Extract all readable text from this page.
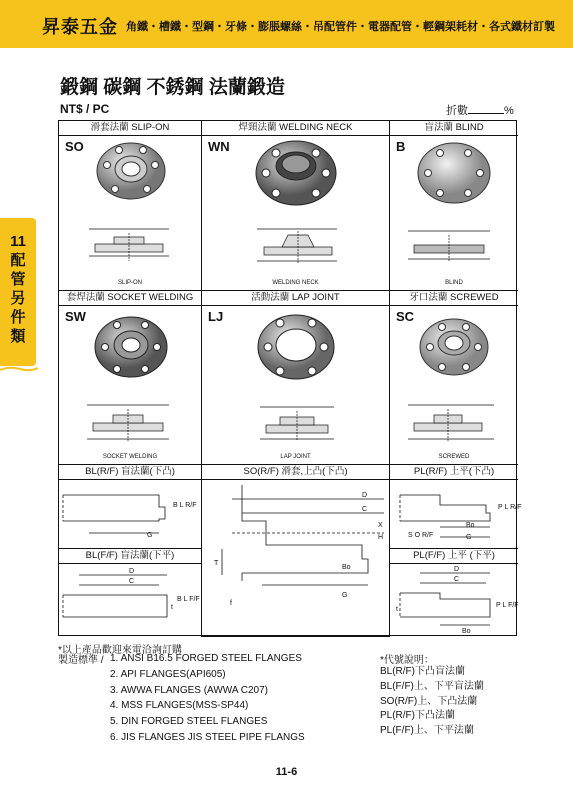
昇泰五金 角鐵・槽鐵・型鋼・牙條・膨脹螺絲・吊配管件・電器配管・輕鋼架耗材・各式鐵材訂製
11
配
管
另
件
類
鍛鋼 碳鋼 不銹鋼 法蘭鍛造
NT$ / PC	折數	%
滑套法蘭 SLIP-ON
SO
SLIP-ON
焊頸法蘭 WELDING NECK
WN
WELDING NECK
盲法蘭 BLIND
B
BLIND
套焊法蘭 SOCKET WELDING
SW
SOCKET WELDING
活動法蘭 LAP JOINT
LJ
LAP JOINT
牙口法蘭 SCREWED
SC
SCREWED
BL(R/F) 盲法蘭(下凸)
G
B L R/F
SO(R/F) 滑套,上凸(下凸)
D
C
X
H
Bo
G
T
f
S O R/F
PL(R/F) 上平(下凸)
Bo
G
P L R/F
BL(F/F) 盲法蘭(下平)
D
C
t
B L F/F
PL(F/F) 上平 (下平)
D
C
t
Bo
P L F/F
*以上產品歡迎來電洽詢訂購
製造標準 / 1. ANSI B16.5 FORGED STEEL FLANGES
2. API FLANGES(API605)
3. AWWA FLANGES (AWWA C207)
4. MSS FLANGES(MSS-SP44)
5. DIN FORGED STEEL FLANGES
6. JIS FLANGES JIS STEEL PIPE FLANGS
*代號說明：
BL(R/F)下凸盲法蘭
BL(F/F)上、下平盲法蘭
SO(R/F)上、下凸法蘭
PL(R/F)下凸法蘭
PL(F/F)上、下平法蘭
11-6
